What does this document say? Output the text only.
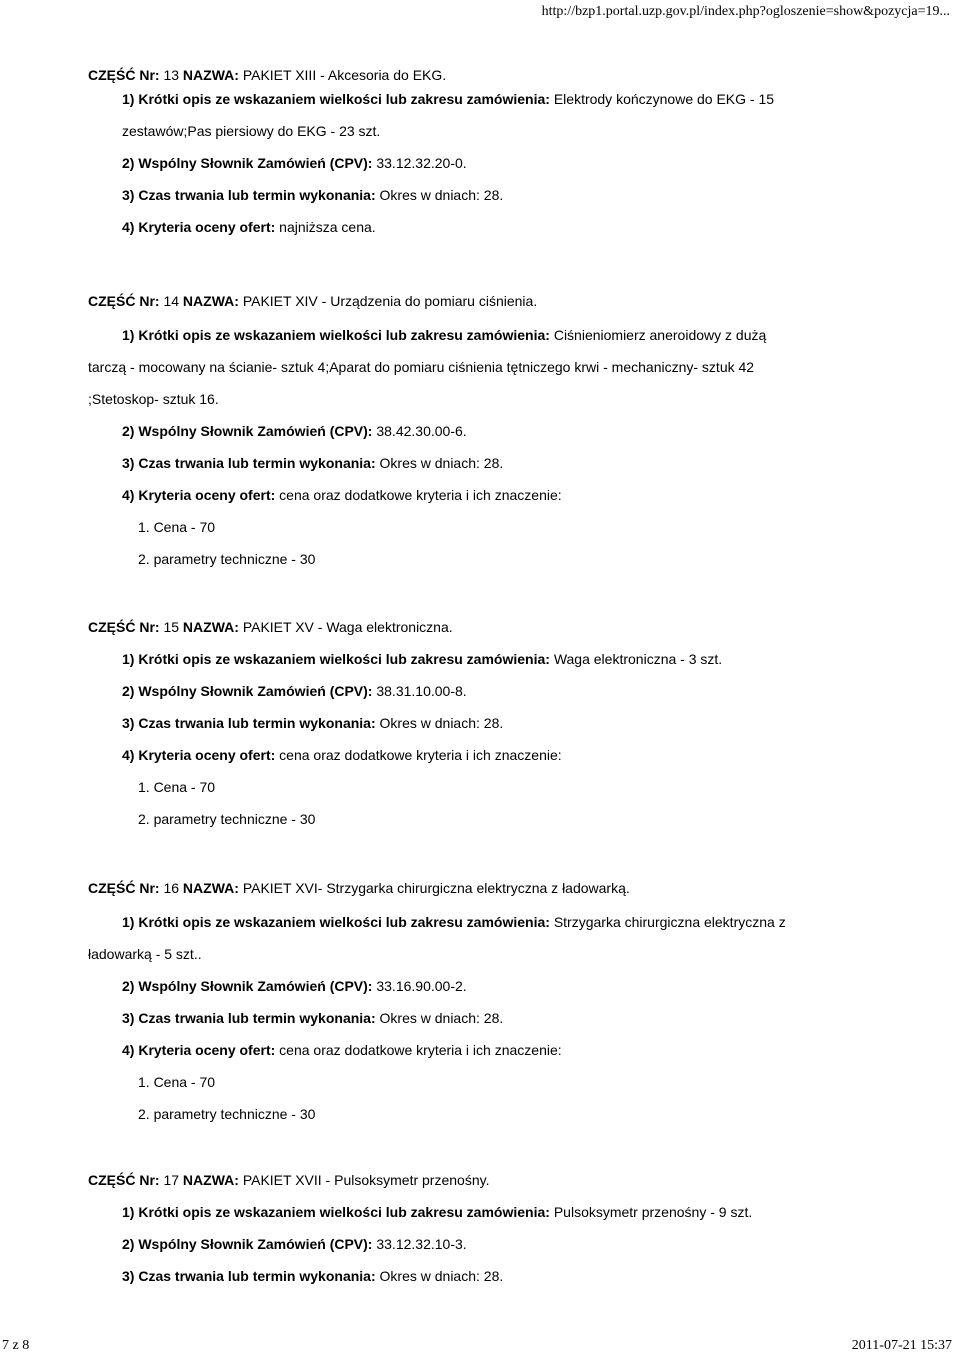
http://bzp1.portal.uzp.gov.pl/index.php?ogloszenie=show&pozycja=19...
CZĘŚĆ Nr: 13 NAZWA: PAKIET XIII - Akcesoria do EKG.
1) Krótki opis ze wskazaniem wielkości lub zakresu zamówienia: Elektrody kończynowe do EKG - 15
zestawów;Pas piersiowy do EKG - 23 szt.
2) Wspólny Słownik Zamówień (CPV): 33.12.32.20-0.
3) Czas trwania lub termin wykonania: Okres w dniach: 28.
4) Kryteria oceny ofert: najniższa cena.
CZĘŚĆ Nr: 14 NAZWA: PAKIET XIV - Urządzenia do pomiaru ciśnienia.
1) Krótki opis ze wskazaniem wielkości lub zakresu zamówienia: Ciśnieniomierz aneroidowy z dużą
tarczą - mocowany na ścianie- sztuk 4;Aparat do pomiaru ciśnienia tętniczego krwi - mechaniczny- sztuk 42
;Stetoskop- sztuk 16.
2) Wspólny Słownik Zamówień (CPV): 38.42.30.00-6.
3) Czas trwania lub termin wykonania: Okres w dniach: 28.
4) Kryteria oceny ofert: cena oraz dodatkowe kryteria i ich znaczenie:
1. Cena - 70
2. parametry techniczne - 30
CZĘŚĆ Nr: 15 NAZWA: PAKIET XV - Waga elektroniczna.
1) Krótki opis ze wskazaniem wielkości lub zakresu zamówienia: Waga elektroniczna - 3 szt.
2) Wspólny Słownik Zamówień (CPV): 38.31.10.00-8.
3) Czas trwania lub termin wykonania: Okres w dniach: 28.
4) Kryteria oceny ofert: cena oraz dodatkowe kryteria i ich znaczenie:
1. Cena - 70
2. parametry techniczne - 30
CZĘŚĆ Nr: 16 NAZWA: PAKIET XVI- Strzygarka chirurgiczna elektryczna z ładowarką.
1) Krótki opis ze wskazaniem wielkości lub zakresu zamówienia: Strzygarka chirurgiczna elektryczna z
ładowarką - 5 szt..
2) Wspólny Słownik Zamówień (CPV): 33.16.90.00-2.
3) Czas trwania lub termin wykonania: Okres w dniach: 28.
4) Kryteria oceny ofert: cena oraz dodatkowe kryteria i ich znaczenie:
1. Cena - 70
2. parametry techniczne - 30
CZĘŚĆ Nr: 17 NAZWA: PAKIET XVII - Pulsoksymetr przenośny.
1) Krótki opis ze wskazaniem wielkości lub zakresu zamówienia: Pulsoksymetr przenośny - 9 szt.
2) Wspólny Słownik Zamówień (CPV): 33.12.32.10-3.
3) Czas trwania lub termin wykonania: Okres w dniach: 28.
7 z 8	2011-07-21 15:37
